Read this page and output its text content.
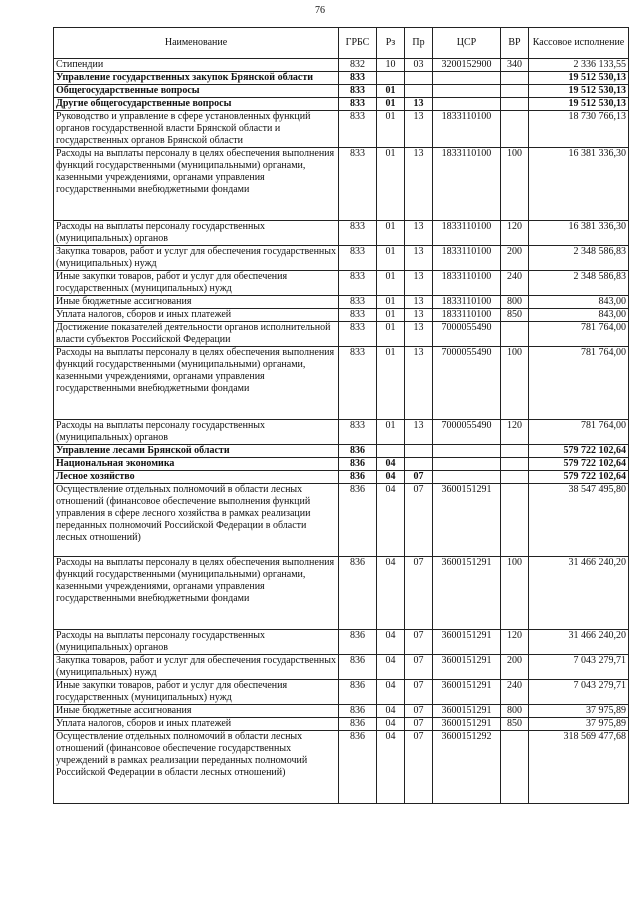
76
Наименование	ГРБС	Рз	Пр	ЦСР	ВР	Кассовое исполнение
Стипендии	832	10	03	3200152900	340	2 336 133,55
Управление государственных закупок Брянской области	833					19 512 530,13
Общегосударственные вопросы	833	01				19 512 530,13
Другие общегосударственные вопросы	833	01	13			19 512 530,13
Руководство и управление в сфере установленных функций органов государственной власти Брянской области и государственных органов Брянской области	833	01	13	1833110100		18 730 766,13
Расходы на выплаты персоналу в целях обеспечения выполнения функций государственными (муниципальными) органами, казенными учреждениями, органами управления государственными внебюджетными фондами	833	01	13	1833110100	100	16 381 336,30
Расходы на выплаты персоналу государственных (муниципальных) органов	833	01	13	1833110100	120	16 381 336,30
Закупка товаров, работ и услуг для обеспечения государственных (муниципальных) нужд	833	01	13	1833110100	200	2 348 586,83
Иные закупки товаров, работ и услуг для обеспечения государственных (муниципальных) нужд	833	01	13	1833110100	240	2 348 586,83
Иные бюджетные ассигнования	833	01	13	1833110100	800	843,00
Уплата налогов, сборов и иных платежей	833	01	13	1833110100	850	843,00
Достижение показателей деятельности органов исполнительной власти субъектов Российской Федерации	833	01	13	7000055490		781 764,00
Расходы на выплаты персоналу в целях обеспечения выполнения функций государственными (муниципальными) органами, казенными учреждениями, органами управления государственными внебюджетными фондами	833	01	13	7000055490	100	781 764,00
Расходы на выплаты персоналу государственных (муниципальных) органов	833	01	13	7000055490	120	781 764,00
Управление лесами Брянской области	836					579 722 102,64
Национальная экономика	836	04				579 722 102,64
Лесное хозяйство	836	04	07			579 722 102,64
Осуществление отдельных полномочий в области лесных отношений (финансовое обеспечение выполнения функций управления в сфере лесного хозяйства в рамках реализации переданных полномочий Российской Федерации в области лесных отношений)	836	04	07	3600151291		38 547 495,80
Расходы на выплаты персоналу в целях обеспечения выполнения функций государственными (муниципальными) органами, казенными учреждениями, органами управления государственными внебюджетными фондами	836	04	07	3600151291	100	31 466 240,20
Расходы на выплаты персоналу государственных (муниципальных) органов	836	04	07	3600151291	120	31 466 240,20
Закупка товаров, работ и услуг для обеспечения государственных (муниципальных) нужд	836	04	07	3600151291	200	7 043 279,71
Иные закупки товаров, работ и услуг для обеспечения государственных (муниципальных) нужд	836	04	07	3600151291	240	7 043 279,71
Иные бюджетные ассигнования	836	04	07	3600151291	800	37 975,89
Уплата налогов, сборов и иных платежей	836	04	07	3600151291	850	37 975,89
Осуществление отдельных полномочий в области лесных отношений (финансовое обеспечение государственных учреждений в рамках реализации переданных полномочий Российской Федерации в области лесных отношений)	836	04	07	3600151292		318 569 477,68
